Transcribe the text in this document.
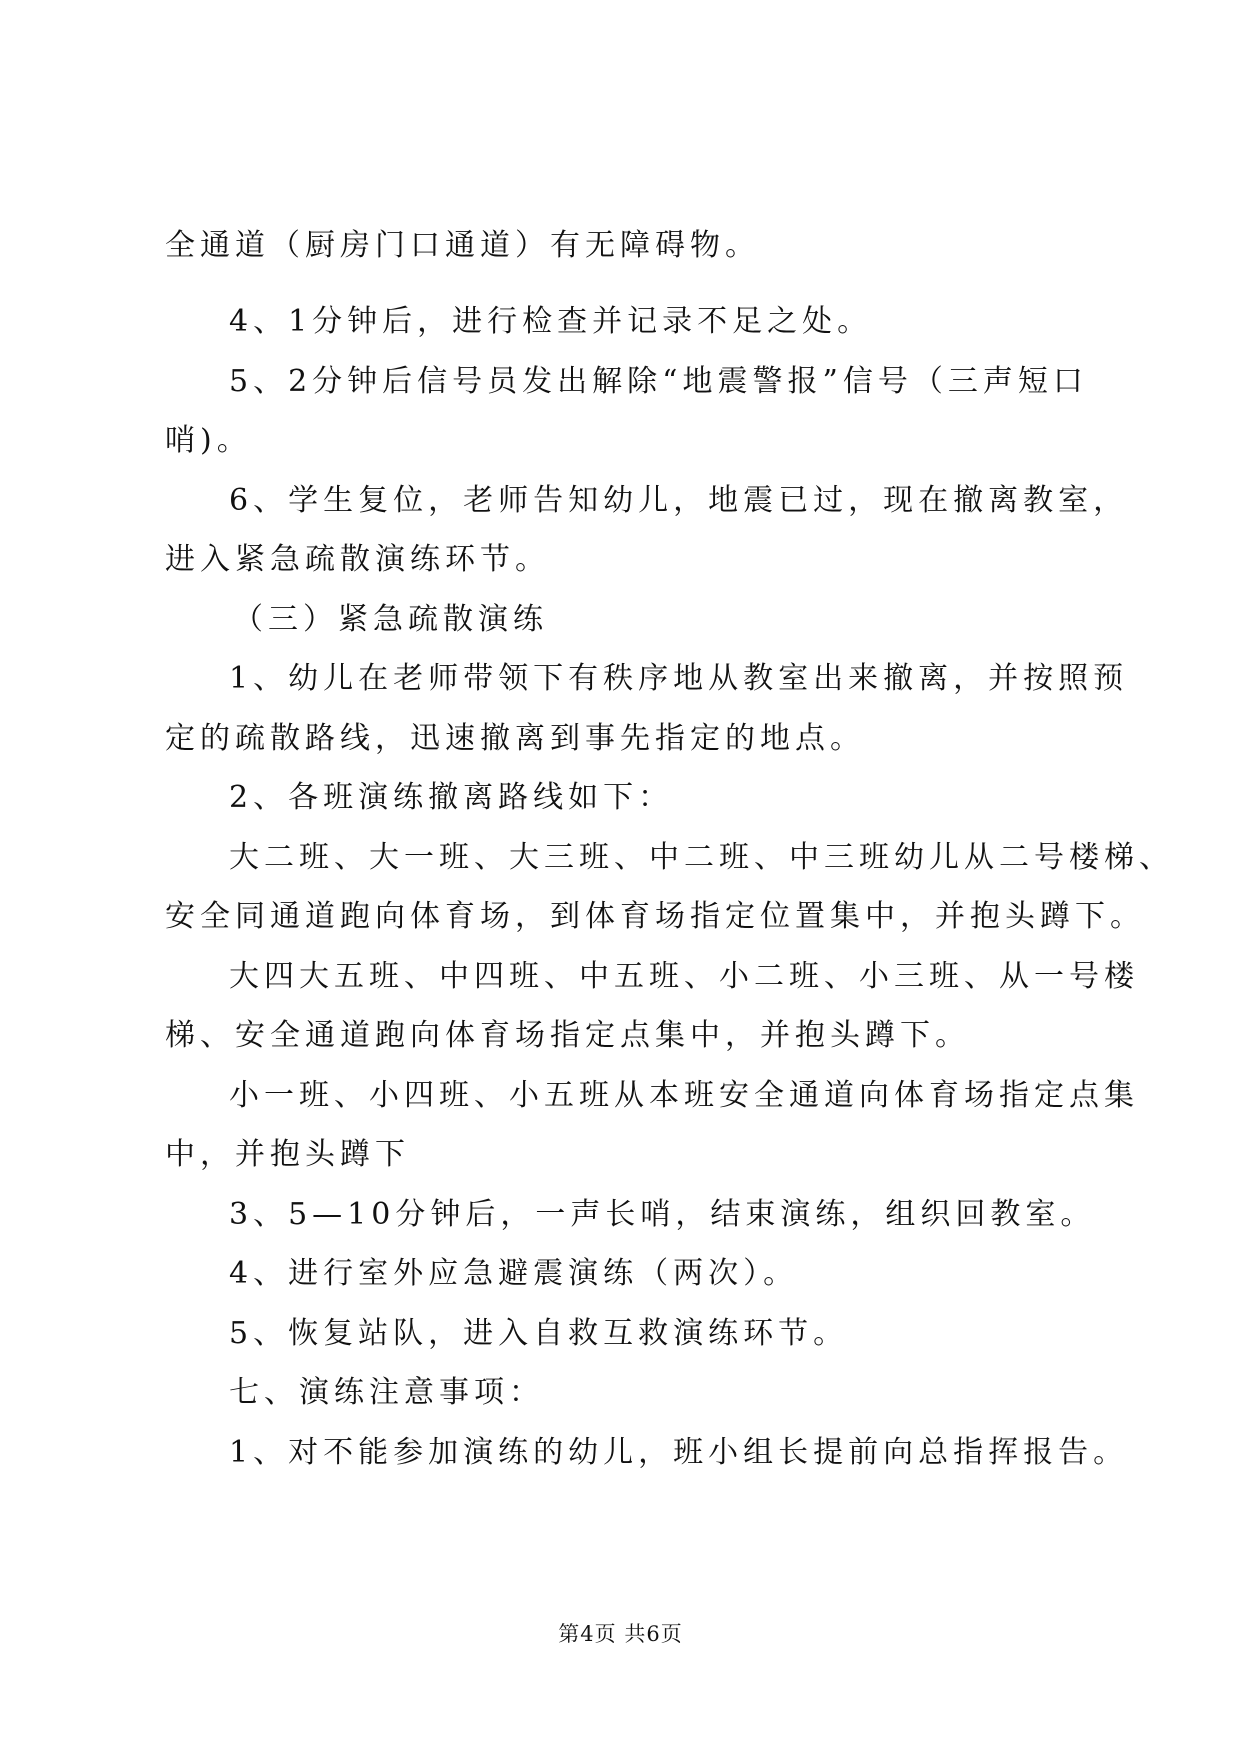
全通道（厨房门口通道）有无障碍物。
4、1分钟后，进行检查并记录不足之处。
5、2分钟后信号员发出解除“地震警报”信号（三声短口
哨)。
6、学生复位，老师告知幼儿，地震已过，现在撤离教室，
进入紧急疏散演练环节。
（三）紧急疏散演练
1、幼儿在老师带领下有秩序地从教室出来撤离，并按照预
定的疏散路线，迅速撤离到事先指定的地点。
2、各班演练撤离路线如下：
大二班、大一班、大三班、中二班、中三班幼儿从二号楼梯、
安全同通道跑向体育场，到体育场指定位置集中，并抱头蹲下。
大四大五班、中四班、中五班、小二班、小三班、从一号楼
梯、安全通道跑向体育场指定点集中，并抱头蹲下。
小一班、小四班、小五班从本班安全通道向体育场指定点集
中，并抱头蹲下
3、5—10分钟后，一声长哨，结束演练，组织回教室。
4、进行室外应急避震演练（两次）。
5、恢复站队，进入自救互救演练环节。
七、演练注意事项：
1、对不能参加演练的幼儿，班小组长提前向总指挥报告。
第4页 共6页
